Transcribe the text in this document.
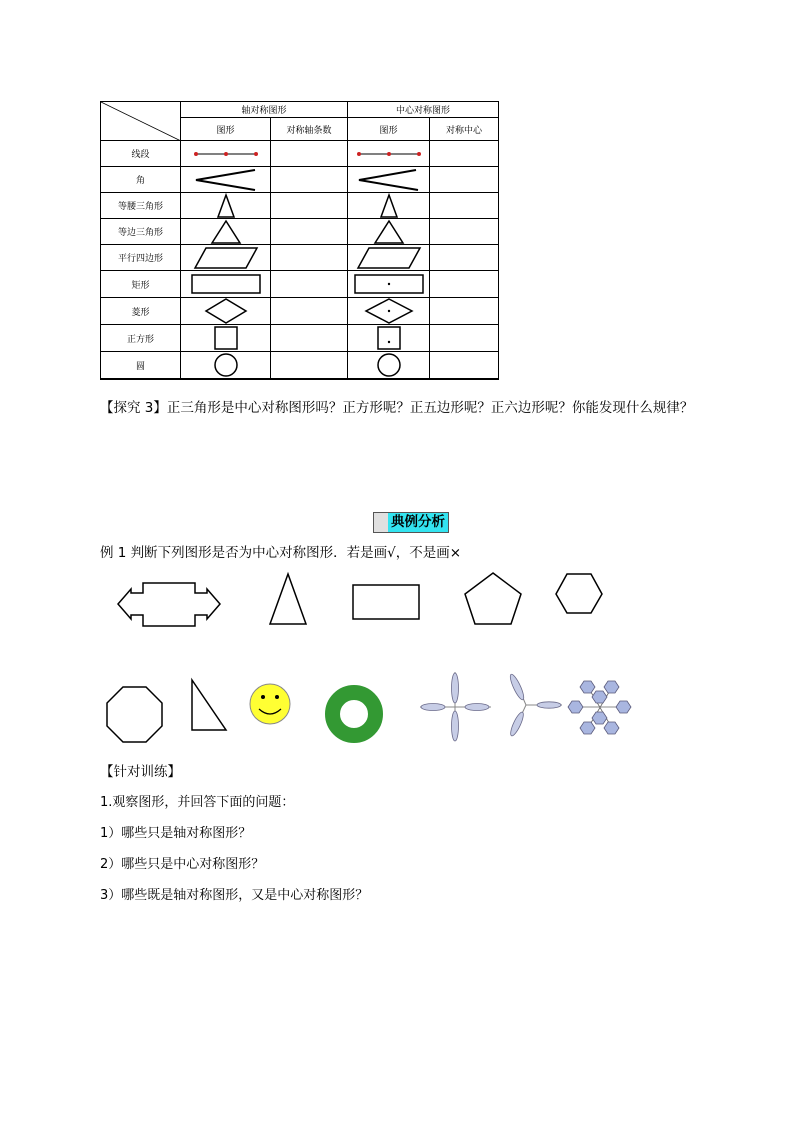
	轴对称图形		中心对称图形	
	图形	对称轴条数	图形	对称中心
线段	

角	

等腰三角形	

等边三角形	

平行四边形	

矩形	

菱形	

正方形	

圆	

【探究 3】正三角形是中心对称图形吗？正方形呢？正五边形呢？正六边形呢？你能发现什么规律？
典例分析
例 1 判断下列图形是否为中心对称图形．若是画√，不是画×
【针对训练】
1.观察图形，并回答下面的问题：
1）哪些只是轴对称图形？
2）哪些只是中心对称图形？
3）哪些既是轴对称图形，又是中心对称图形？
